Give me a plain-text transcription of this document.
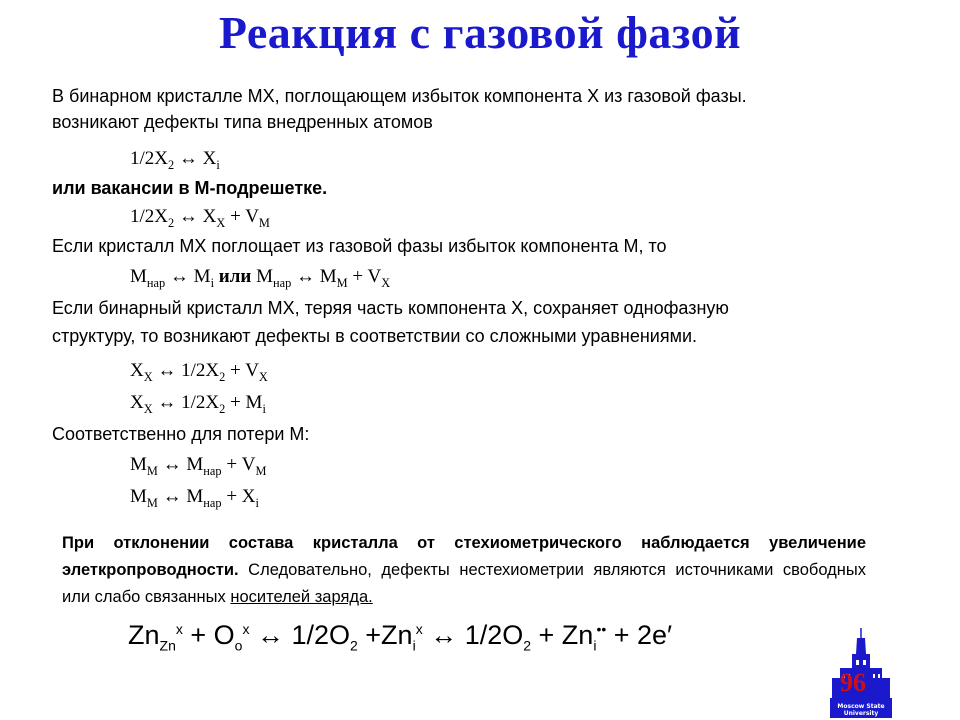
Реакция с газовой фазой
В бинарном кристалле МХ, поглощающем избыток компонента Х из газовой фазы.
возникают дефекты типа внедренных атомов
$1/2X_2$ ↔ $X_i$
или вакансии в М-подрешетке.
$1/2X_2$ ↔ $X_X + V_M$
Если кристалл МХ поглощает из газовой фазы избыток компонента М, то
$M_{нар}$ ↔ $M_i$ или $M_{нар}$ ↔ $M_M + V_X$
Если бинарный кристалл МХ, теряя часть компонента Х, сохраняет однофазную
структуру, то возникают дефекты в соответствии со сложными уравнениями.
$X_X$ ↔ $1/2X_2 + V_X$
$X_X$ ↔ $1/2X_2 + M_i$
Соответственно для потери М:
$M_M$ ↔ $M_{нар} + V_M$
$M_M$ ↔ $M_{нар} + X_i$
При отклонении состава кристалла от стехиометрического наблюдается увеличение элеткропроводности. Следовательно, дефекты нестехиометрии являются источниками свободных или слабо связанных носителей заряда.
$Zn_{Zn}^x + O_o^x$ ↔ $1/2O_2 +Zn_i^x$ ↔ $1/2O_2 + Zn_i^{••} + 2e'$
Moscow State
University
96
